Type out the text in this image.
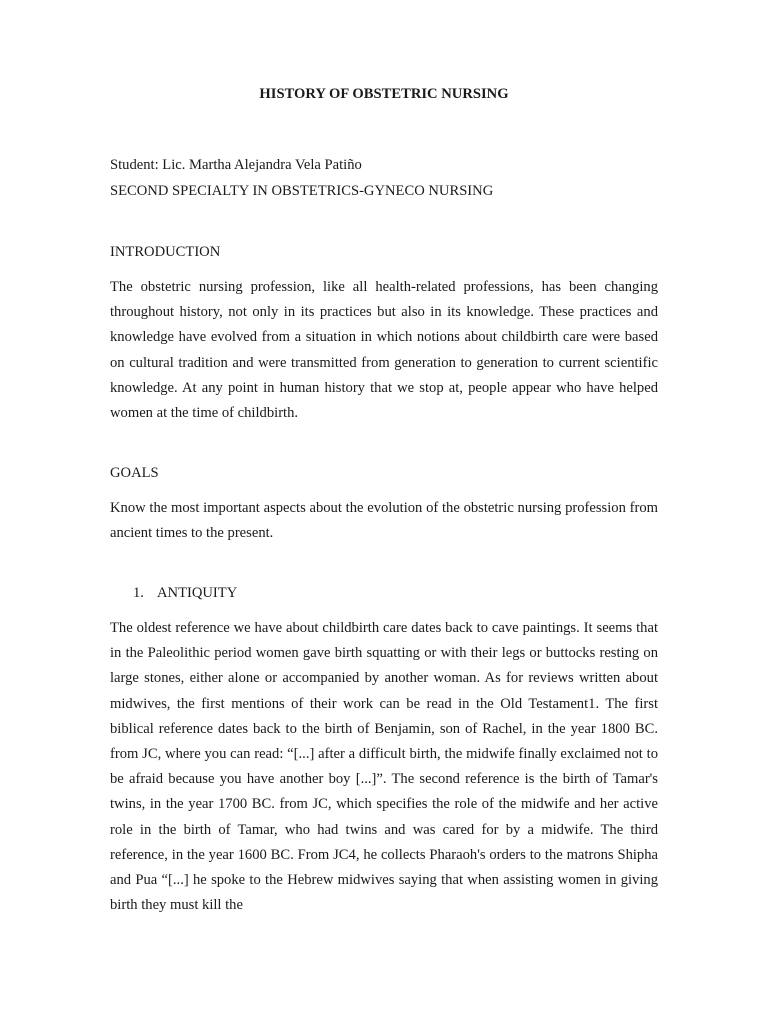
HISTORY OF OBSTETRIC NURSING
Student: Lic. Martha Alejandra Vela Patiño
SECOND SPECIALTY IN OBSTETRICS-GYNECO NURSING
INTRODUCTION

The obstetric nursing profession, like all health-related professions, has been changing throughout history, not only in its practices but also in its knowledge. These practices and knowledge have evolved from a situation in which notions about childbirth care were based on cultural tradition and were transmitted from generation to generation to current scientific knowledge. At any point in human history that we stop at, people appear who have helped women at the time of childbirth.

GOALS

Know the most important aspects about the evolution of the obstetric nursing profession from ancient times to the present.

1. ANTIQUITY

The oldest reference we have about childbirth care dates back to cave paintings. It seems that in the Paleolithic period women gave birth squatting or with their legs or buttocks resting on large stones, either alone or accompanied by another woman. As for reviews written about midwives, the first mentions of their work can be read in the Old Testament1. The first biblical reference dates back to the birth of Benjamin, son of Rachel, in the year 1800 BC. from JC, where you can read: “[...] after a difficult birth, the midwife finally exclaimed not to be afraid because you have another boy [...]”. The second reference is the birth of Tamar's twins, in the year 1700 BC. from JC, which specifies the role of the midwife and her active role in the birth of Tamar, who had twins and was cared for by a midwife. The third reference, in the year 1600 BC. From JC4, he collects Pharaoh's orders to the matrons Shipha and Pua “[...] he spoke to the Hebrew midwives saying that when assisting women in giving birth they must kill the
